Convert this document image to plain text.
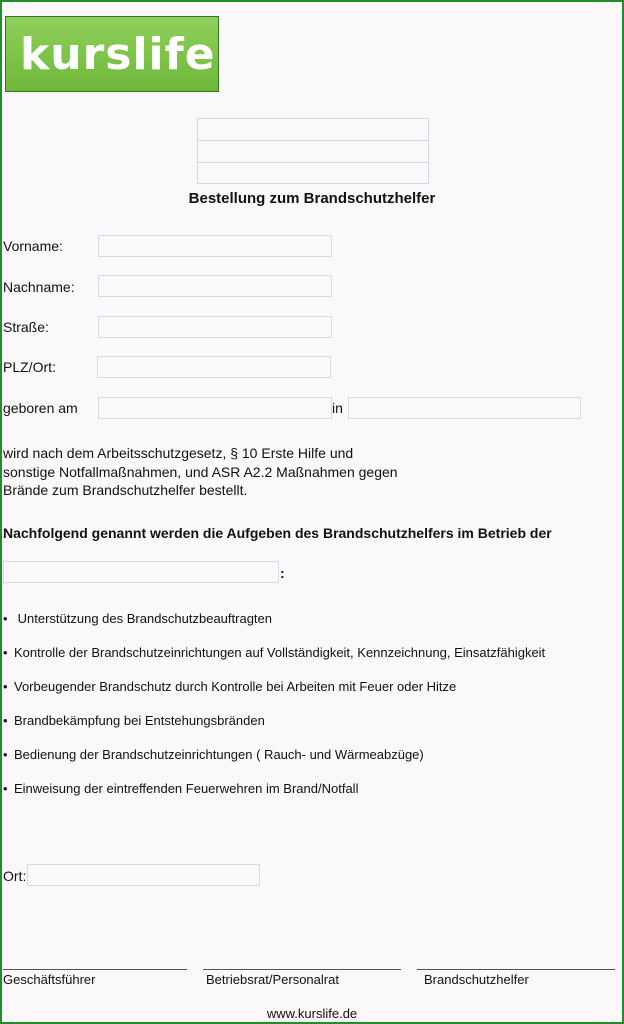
kurslife
Bestellung zum Brandschutzhelfer
Vorname:
Nachname:
Straße:
PLZ/Ort:
geboren am	in
wird nach dem Arbeitsschutzgesetz, § 10 Erste Hilfe und
sonstige Notfallmaßnahmen, und ASR A2.2 Maßnahmen gegen
Brände zum Brandschutzhelfer bestellt.
Nachfolgend genannt werden die Aufgeben des Brandschutzhelfers im Betrieb der
:
• Unterstützung des Brandschutzbeauftragten
• Kontrolle der Brandschutzeinrichtungen auf Vollständigkeit, Kennzeichnung, Einsatzfähigkeit
• Vorbeugender Brandschutz durch Kontrolle bei Arbeiten mit Feuer oder Hitze
• Brandbekämpfung bei Entstehungsbränden
• Bedienung der Brandschutzeinrichtungen ( Rauch- und Wärmeabzüge)
• Einweisung der eintreffenden Feuerwehren im Brand/Notfall
Ort:
Geschäftsführer	Betriebsrat/Personalrat	Brandschutzhelfer
www.kurslife.de
